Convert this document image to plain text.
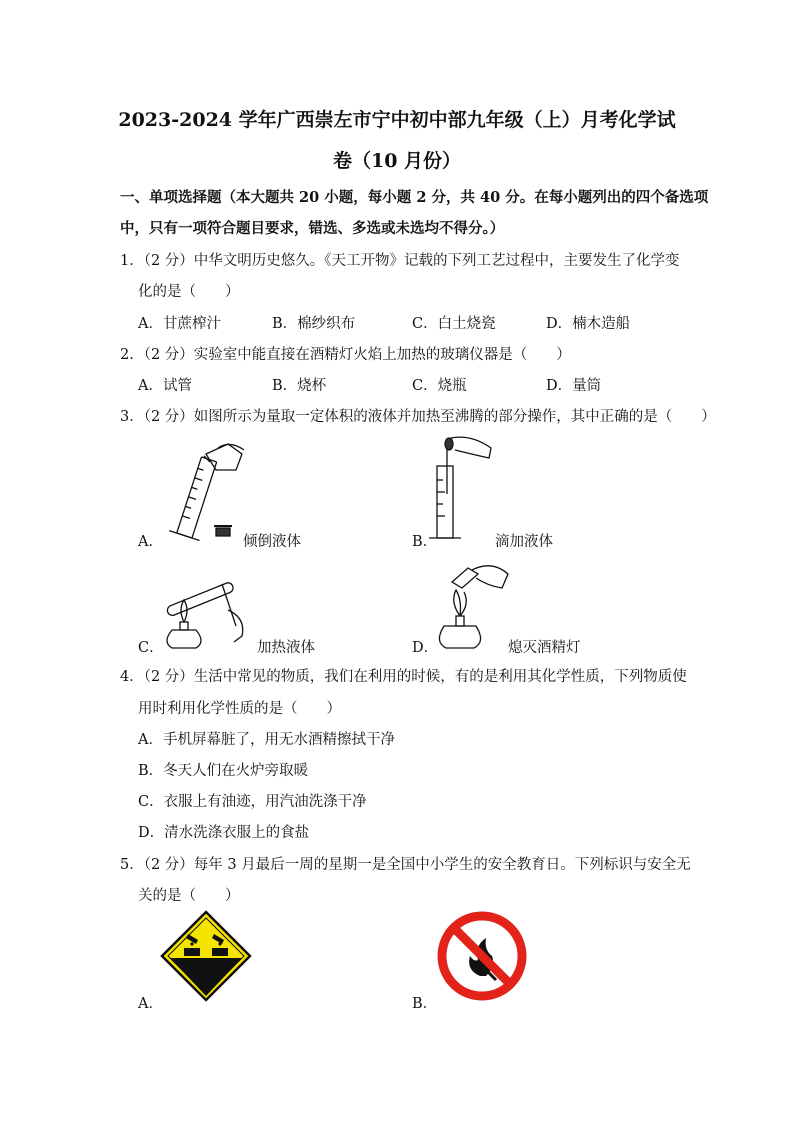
2023-2024 学年广西崇左市宁中初中部九年级（上）月考化学试
卷（10 月份）
一、单项选择题（本大题共 20 小题，每小题 2 分，共 40 分。在每小题列出的四个备选项
中，只有一项符合题目要求，错选、多选或未选均不得分。）
1．（2 分）中华文明历史悠久。《天工开物》记载的下列工艺过程中，主要发生了化学变
化的是（　　）
A．甘蔗榨汁	B．棉纱织布	C．白土烧瓷	D．楠木造船
2．（2 分）实验室中能直接在酒精灯火焰上加热的玻璃仪器是（　　）
A．试管	B．烧杯	C．烧瓶	D．量筒
3．（2 分）如图所示为量取一定体积的液体并加热至沸腾的部分操作，其中正确的是（　　）
A．	倾倒液体	B．	滴加液体
C．	加热液体	D．	熄灭酒精灯
4．（2 分）生活中常见的物质，我们在利用的时候，有的是利用其化学性质，下列物质使
用时利用化学性质的是（　　）
A．手机屏幕脏了，用无水酒精擦拭干净
B．冬天人们在火炉旁取暖
C．衣服上有油迹，用汽油洗涤干净
D．清水洗涤衣服上的食盐
5．（2 分）每年 3 月最后一周的星期一是全国中小学生的安全教育日。下列标识与安全无
关的是（　　）
A．	B．
